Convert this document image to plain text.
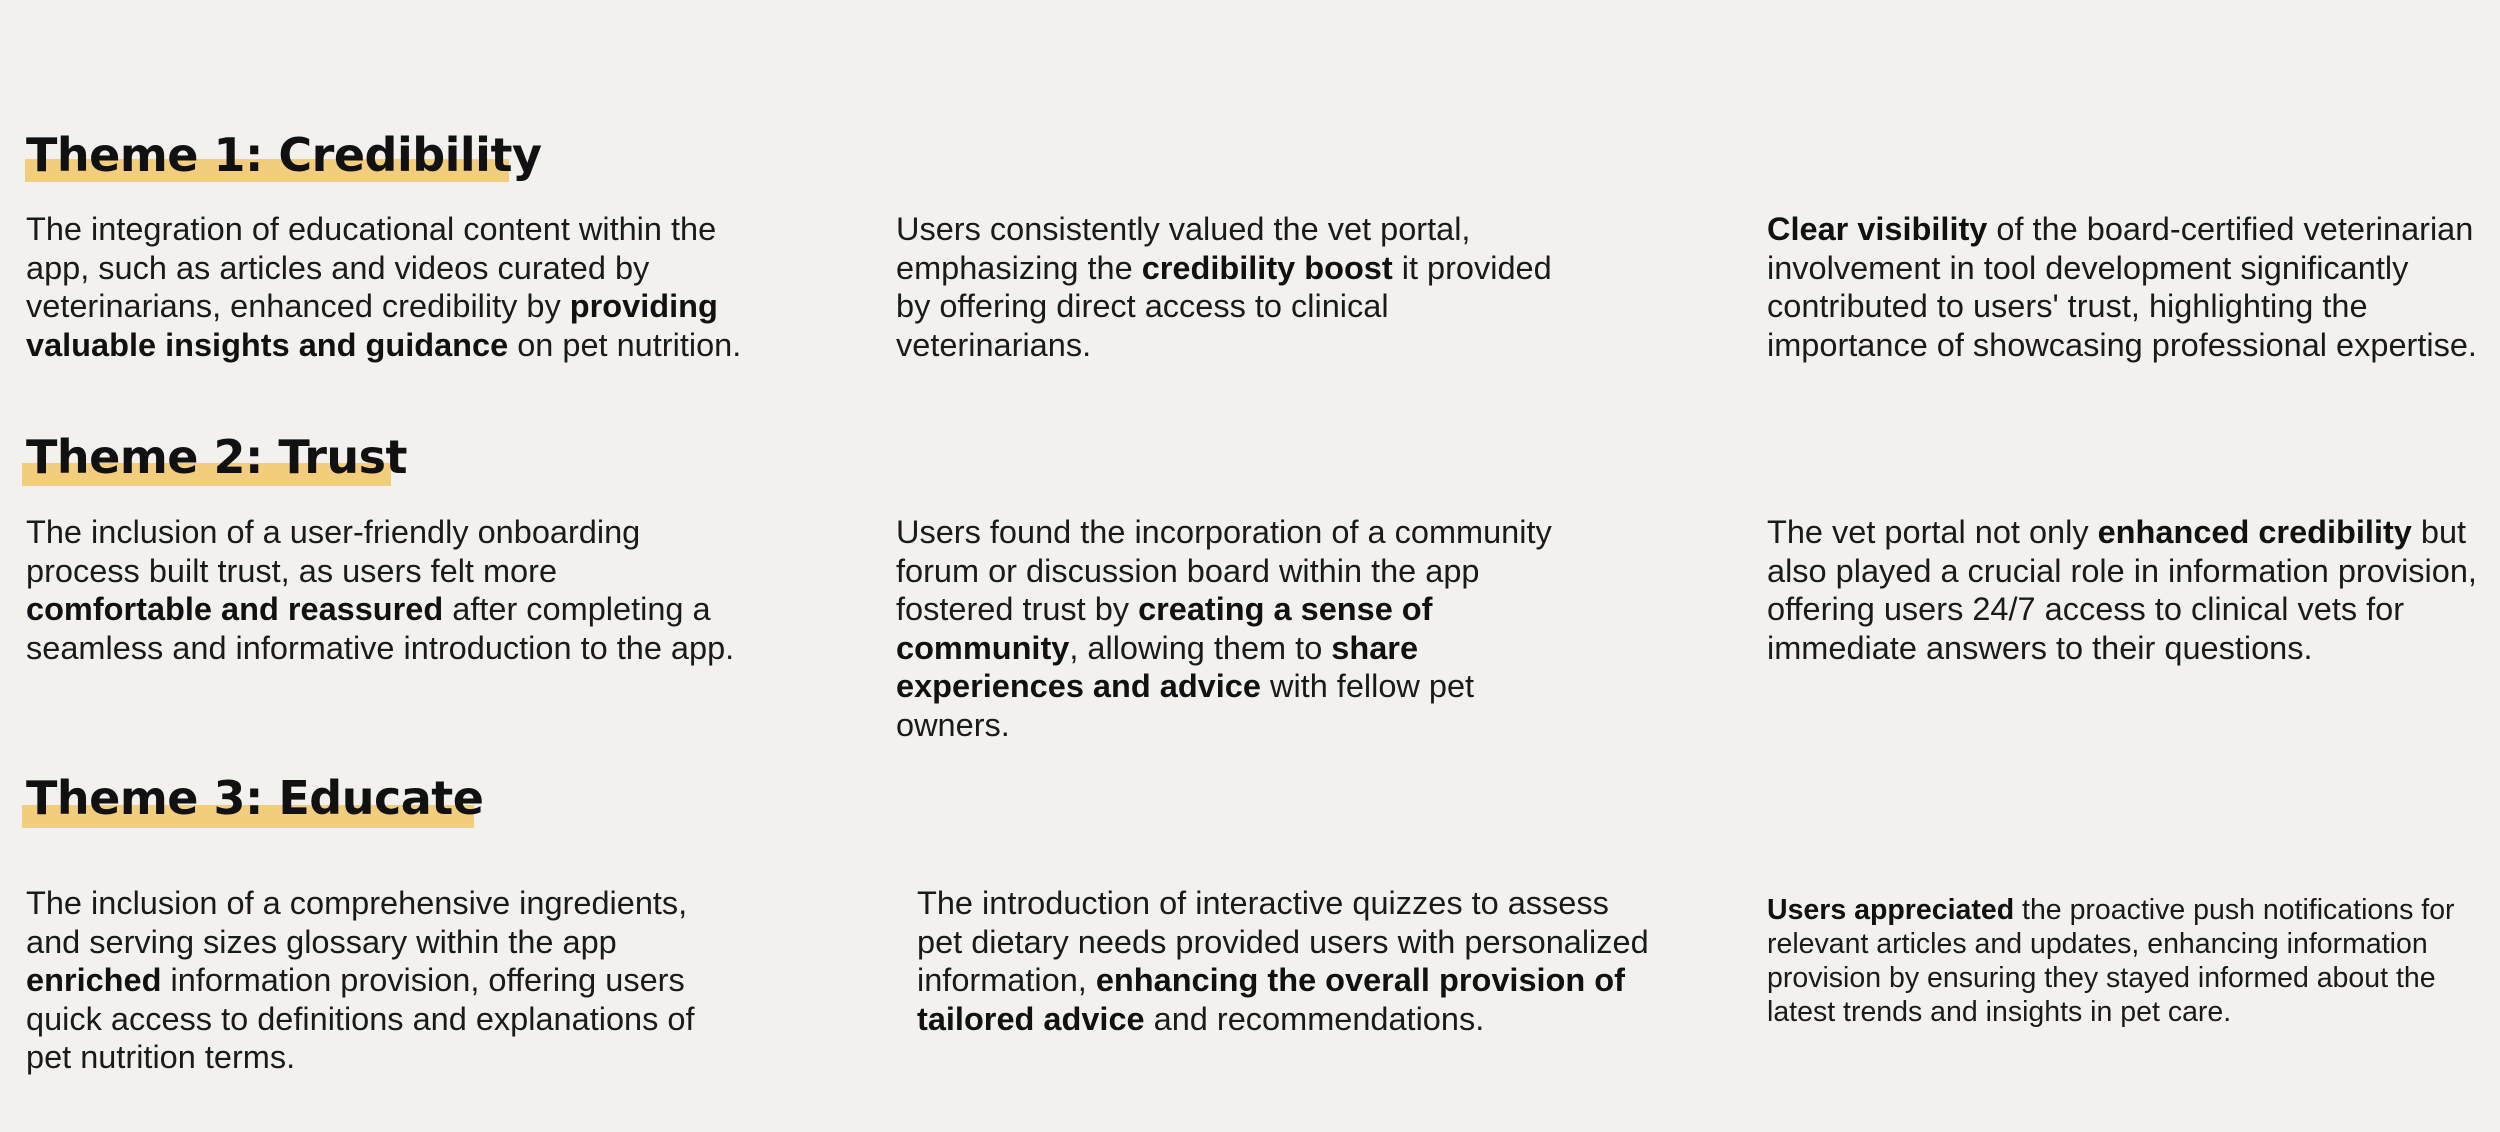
Theme 1: Credibility

The integration of educational content within the app, such as articles and videos curated by veterinarians, enhanced credibility by providing valuable insights and guidance on pet nutrition.

Users consistently valued the vet portal, emphasizing the credibility boost it provided by offering direct access to clinical veterinarians.

Clear visibility of the board-certified veterinarian involvement in tool development significantly contributed to users' trust, highlighting the importance of showcasing professional expertise.

Theme 2: Trust

The inclusion of a user-friendly onboarding process built trust, as users felt more comfortable and reassured after completing a seamless and informative introduction to the app.

Users found the incorporation of a community forum or discussion board within the app fostered trust by creating a sense of community, allowing them to share experiences and advice with fellow pet owners.

The vet portal not only enhanced credibility but also played a crucial role in information provision, offering users 24/7 access to clinical vets for immediate answers to their questions.

Theme 3: Educate

The inclusion of a comprehensive ingredients, and serving sizes glossary within the app enriched information provision, offering users quick access to definitions and explanations of pet nutrition terms.

The introduction of interactive quizzes to assess pet dietary needs provided users with personalized information, enhancing the overall provision of tailored advice and recommendations.

Users appreciated the proactive push notifications for relevant articles and updates, enhancing information provision by ensuring they stayed informed about the latest trends and insights in pet care.
